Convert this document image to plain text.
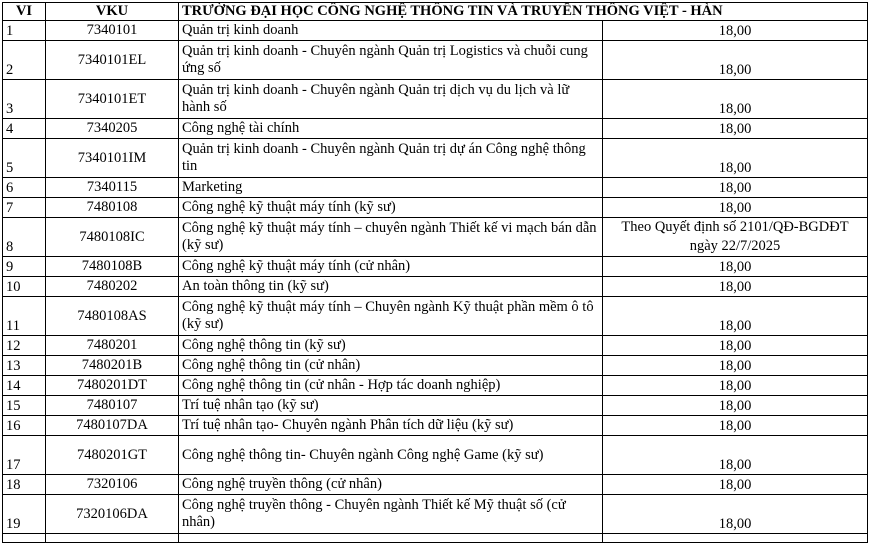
VI	VKU	TRƯỜNG ĐẠI HỌC CÔNG NGHỆ THÔNG TIN VÀ TRUYỀN THÔNG VIỆT - HÀN	
1	7340101	Quản trị kinh doanh	18,00
2	7340101EL	Quản trị kinh doanh - Chuyên ngành Quản trị Logistics và chuỗi cung ứng số	18,00
3	7340101ET	Quản trị kinh doanh - Chuyên ngành Quản trị dịch vụ du lịch và lữ hành số	18,00
4	7340205	Công nghệ tài chính	18,00
5	7340101IM	Quản trị kinh doanh - Chuyên ngành Quản trị dự án Công nghệ thông tin	18,00
6	7340115	Marketing	18,00
7	7480108	Công nghệ kỹ thuật máy tính (kỹ sư)	18,00
8	7480108IC	Công nghệ kỹ thuật máy tính – chuyên ngành Thiết kế vi mạch bán dẫn (kỹ sư)	Theo Quyết định số 2101/QĐ-BGDĐT ngày 22/7/2025
9	7480108B	Công nghệ kỹ thuật máy tính (cử nhân)	18,00
10	7480202	An toàn thông tin (kỹ sư)	18,00
11	7480108AS	Công nghệ kỹ thuật máy tính – Chuyên ngành Kỹ thuật phần mềm ô tô (kỹ sư)	18,00
12	7480201	Công nghệ thông tin (kỹ sư)	18,00
13	7480201B	Công nghệ thông tin (cử nhân)	18,00
14	7480201DT	Công nghệ thông tin (cử nhân - Hợp tác doanh nghiệp)	18,00
15	7480107	Trí tuệ nhân tạo (kỹ sư)	18,00
16	7480107DA	Trí tuệ nhân tạo- Chuyên ngành Phân tích dữ liệu (kỹ sư)	18,00
17	7480201GT	Công nghệ thông tin- Chuyên ngành Công nghệ Game (kỹ sư)	18,00
18	7320106	Công nghệ truyền thông (cử nhân)	18,00
19	7320106DA	Công nghệ truyền thông - Chuyên ngành Thiết kế Mỹ thuật số (cử nhân)	18,00
